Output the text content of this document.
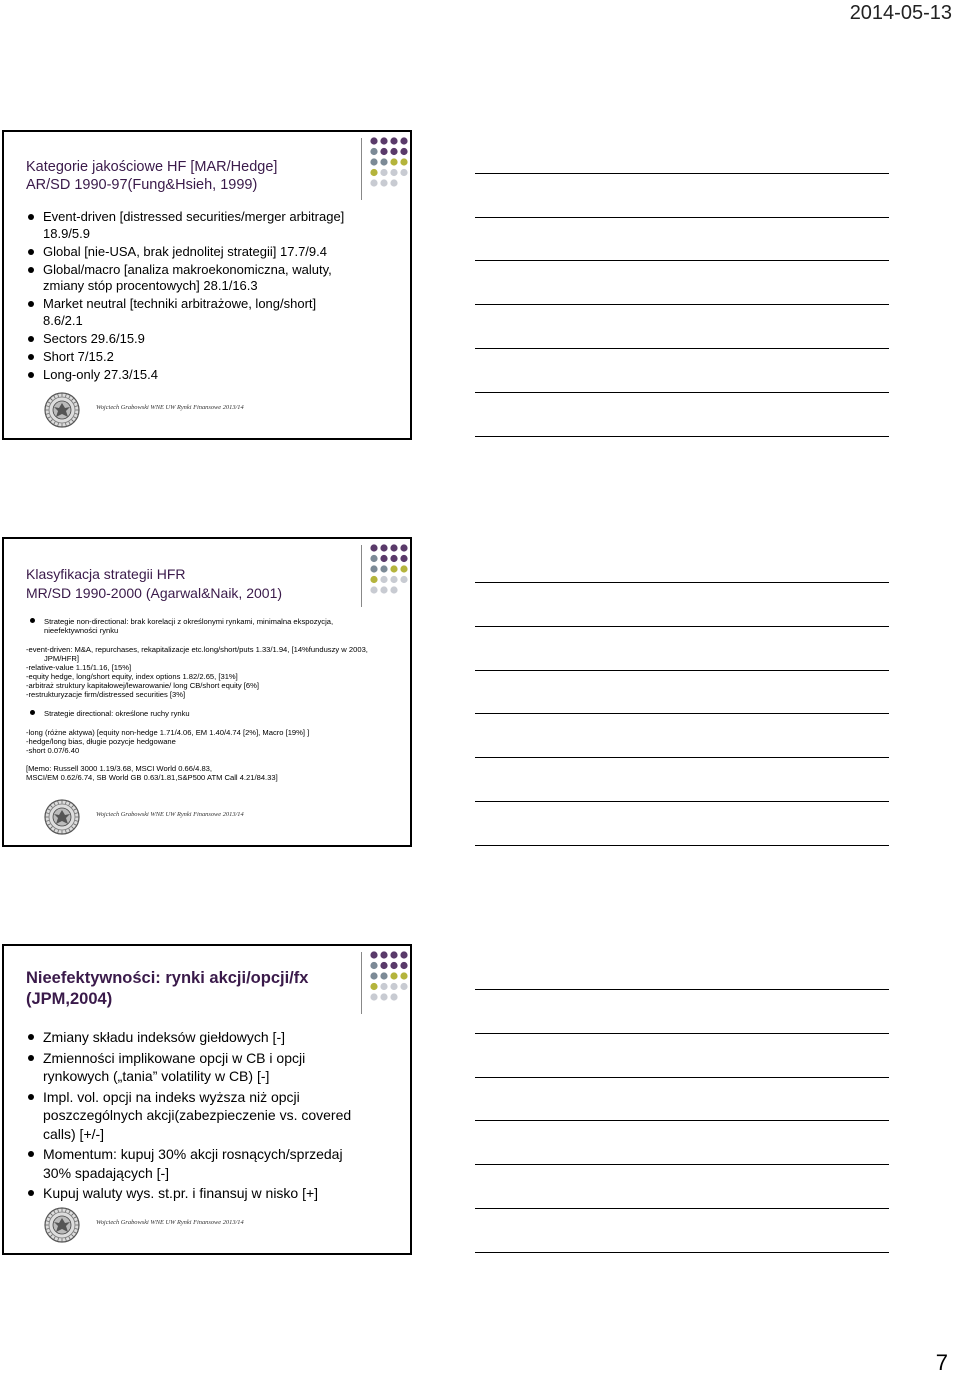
2014-05-13
Kategorie jakościowe HF [MAR/Hedge]
AR/SD 1990-97(Fung&Hsieh, 1999)
Event-driven [distressed securities/merger arbitrage]
18.9/5.9
Global [nie-USA, brak jednolitej strategii] 17.7/9.4
Global/macro [analiza makroekonomiczna, waluty,
zmiany stóp procentowych] 28.1/16.3
Market neutral [techniki arbitrażowe, long/short]
8.6/2.1
Sectors 29.6/15.9
Short 7/15.2
Long-only 27.3/15.4
Wojciech Grabowski WNE UW Rynki Finansowe 2013/14
Klasyfikacja strategii HFR
MR/SD 1990-2000 (Agarwal&Naik, 2001)

Strategie non-directional: brak korelacji z określonymi rynkami, minimalna ekspozycja,

nieefektywności rynku

-event-driven: M&A, repurchases, rekapitalizacje etc.long/short/puts 1.33/1.94, [14%funduszy w 2003,

JPM/HFR]

-relative-value 1.15/1.16, [15%]

-equity hedge, long/short equity, index options 1.82/2.65, [31%]

-arbitraż struktury kapitałowej/lewarowanie/ long CB/short equity [6%]

-restrukturyzacje firm/distressed securities [3%]

Strategie directional: określone ruchy rynku

-long (różne aktywa) [equity non-hedge 1.71/4.06, EM 1.40/4.74 [2%], Macro [19%] ]

-hedge/long bias, długie pozycje hedgowane

-short 0.07/6.40

[Memo: Russell 3000 1.19/3.68, MSCI World 0.66/4.83,

MSCI/EM 0.62/6.74, SB World GB 0.63/1.81,S&P500 ATM Call 4.21/84.33]

Wojciech Grabowski WNE UW Rynki Finansowe 2013/14
Nieefektywności: rynki akcji/opcji/fx
(JPM,2004)
Zmiany składu indeksów giełdowych [-]
Zmienności implikowane opcji w CB i opcji
rynkowych („tania” volatility w CB) [-]
Impl. vol. opcji na indeks wyższa niż opcji
poszczególnych akcji(zabezpieczenie vs. covered
calls) [+/-]
Momentum: kupuj 30% akcji rosnących/sprzedaj
30% spadających [-]
Kupuj waluty wys. st.pr. i finansuj w nisko [+]
Wojciech Grabowski WNE UW Rynki Finansowe 2013/14
7
